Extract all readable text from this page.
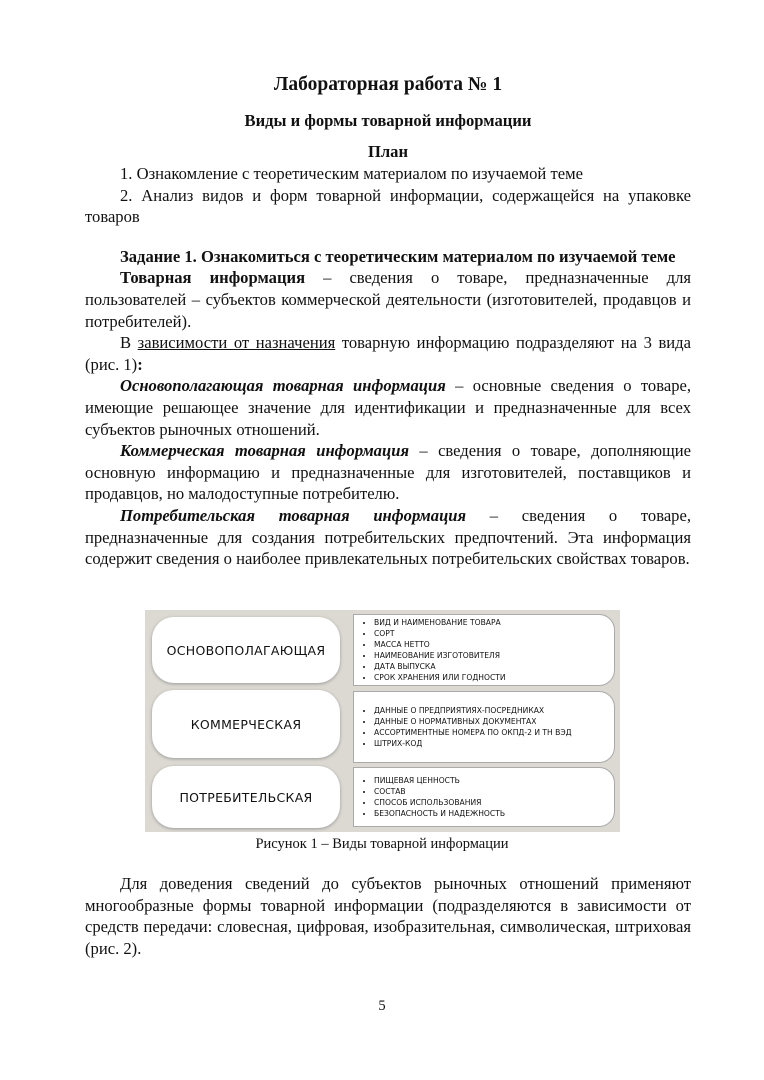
Лабораторная работа № 1
Виды и формы товарной информации
План

1. Ознакомление с теоретическим материалом по изучаемой теме

2. Анализ видов и форм товарной информации, содержащейся на упаковке товаров

Задание 1. Ознакомиться с теоретическим материалом по изучаемой теме

Товарная информация – сведения о товаре, предназначенные для пользователей – субъектов коммерческой деятельности (изготовителей, продавцов и потребителей).

В зависимости от назначения товарную информацию подразделяют на 3 вида (рис. 1):

Основополагающая товарная информация – основные сведения о товаре, имеющие решающее значение для идентификации и предназначенные для всех субъектов рыночных отношений.

Коммерческая товарная информация – сведения о товаре, дополняющие основную информацию и предназначенные для изготовителей, поставщиков и продавцов, но малодоступные потребителю.

Потребительская товарная информация – сведения о товаре, предназначенные для создания потребительских предпочтений. Эта информация содержит сведения о наиболее привлекательных потребительских свойствах товаров.

ОСНОВОПОЛАГАЮЩАЯ
• ВИД И НАИМЕНОВАНИЕ ТОВАРА
• СОРТ
• МАССА НЕТТО
• НАИМЕОВАНИЕ ИЗГОТОВИТЕЛЯ
• ДАТА ВЫПУСКА
• СРОК ХРАНЕНИЯ ИЛИ ГОДНОСТИ
КОММЕРЧЕСКАЯ
• ДАННЫЕ О ПРЕДПРИЯТИЯХ-ПОСРЕДНИКАХ
• ДАННЫЕ О НОРМАТИВНЫХ ДОКУМЕНТАХ
• АССОРТИМЕНТНЫЕ НОМЕРА ПО ОКПД-2 И ТН ВЭД
• ШТРИХ-КОД
ПОТРЕБИТЕЛЬСКАЯ
• ПИЩЕВАЯ ЦЕННОСТЬ
• СОСТАВ
• СПОСОБ ИСПОЛЬЗОВАНИЯ
• БЕЗОПАСНОСТЬ И НАДЕЖНОСТЬ
Рисунок 1 – Виды товарной информации

Для доведения сведений до субъектов рыночных отношений применяют многообразные формы товарной информации (подразделяются в зависимости от средств передачи: словесная, цифровая, изобразительная, символическая, штриховая (рис. 2).

5
